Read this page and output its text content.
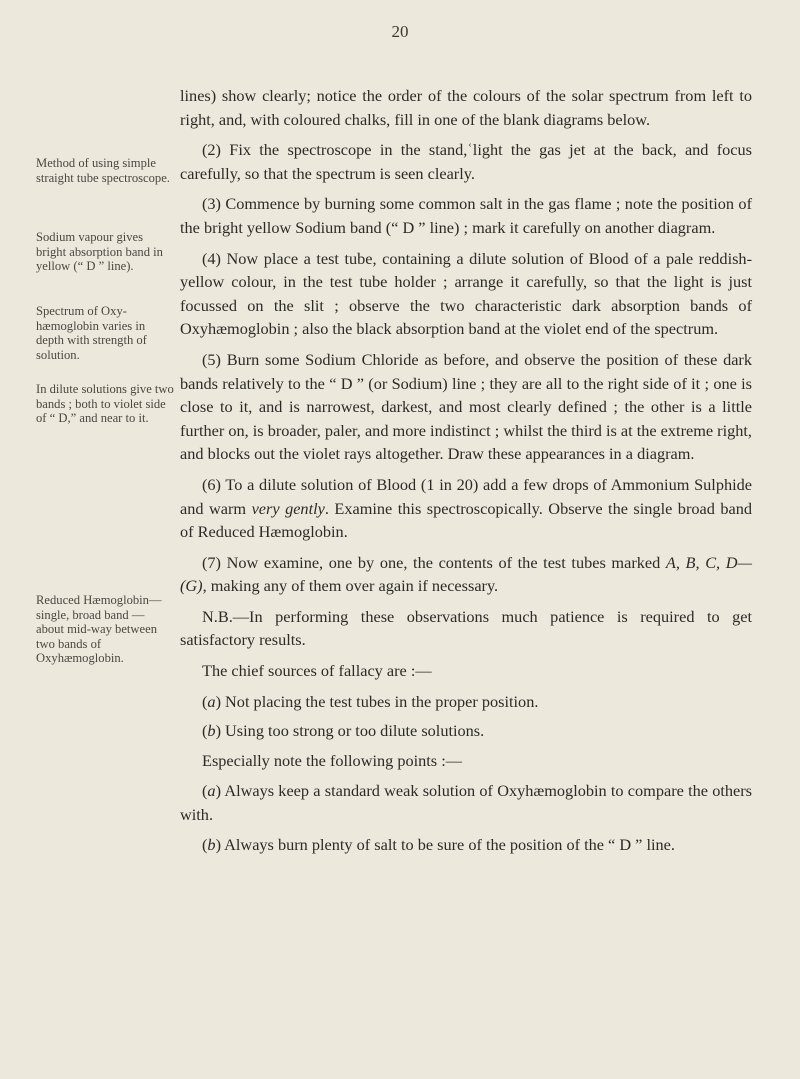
20

Method of using simple straight tube spectroscope.

Sodium vapour gives bright absorption band in yellow (“ D ” line).

Spectrum of Oxy-hæmoglobin varies in depth with strength of solution.

In dilute solutions give two bands ; both to violet side of “ D,” and near to it.

Reduced Hæmoglobin—single, broad band — about mid-way between two bands of Oxyhæmoglobin.

lines) show clearly; notice the order of the colours of the solar spectrum from left to right, and, with coloured chalks, fill in one of the blank diagrams below.

(2) Fix the spectroscope in the stand,ʿlight the gas jet at the back, and focus carefully, so that the spectrum is seen clearly.

(3) Commence by burning some common salt in the gas flame ; note the position of the bright yellow Sodium band (“ D ” line) ; mark it carefully on another diagram.

(4) Now place a test tube, containing a dilute solution of Blood of a pale reddish-yellow colour, in the test tube holder ; arrange it carefully, so that the light is just focussed on the slit ; observe the two characteristic dark absorption bands of Oxyhæmoglobin ; also the black absorption band at the violet end of the spectrum.

(5) Burn some Sodium Chloride as before, and observe the position of these dark bands relatively to the “ D ” (or Sodium) line ; they are all to the right side of it ; one is close to it, and is narrowest, darkest, and most clearly defined ; the other is a little further on, is broader, paler, and more indistinct ; whilst the third is at the extreme right, and blocks out the violet rays altogether. Draw these appearances in a diagram.

(6) To a dilute solution of Blood (1 in 20) add a few drops of Ammonium Sulphide and warm very gently. Examine this spectroscopically. Observe the single broad band of Reduced Hæmoglobin.

(7) Now examine, one by one, the contents of the test tubes marked A, B, C, D—(G), making any of them over again if necessary.

N.B.—In performing these observations much patience is required to get satisfactory results.

The chief sources of fallacy are :—

(a) Not placing the test tubes in the proper position.

(b) Using too strong or too dilute solutions.

Especially note the following points :—

(a) Always keep a standard weak solution of Oxyhæmoglobin to compare the others with.

(b) Always burn plenty of salt to be sure of the position of the “ D ” line.
